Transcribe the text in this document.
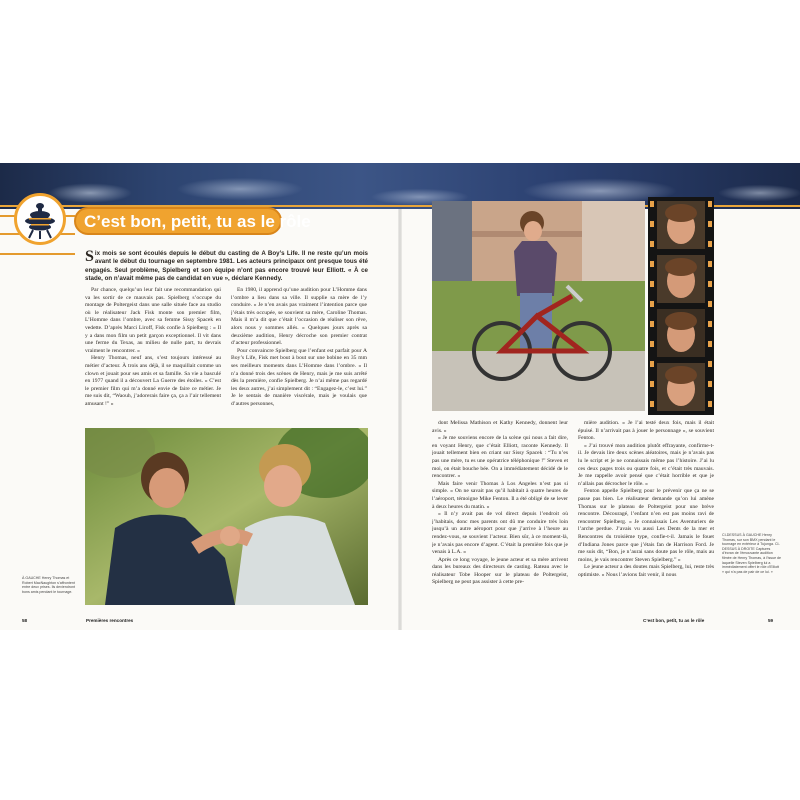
C’est bon, petit, tu as le rôle
Six mois se sont écoulés depuis le début du casting de A Boy’s Life. Il ne reste qu’un mois avant le début du tournage en septembre 1981. Les acteurs principaux ont presque tous été engagés. Seul problème, Spielberg et son équipe n’ont pas encore trouvé leur Elliott. « À ce stade, on n’avait même pas de candidat en vue », déclare Kennedy.

Par chance, quelqu’un leur fait une recommandation qui va les sortir de ce mauvais pas. Spielberg s’occupe du montage de Poltergeist dans une salle située face au studio où le réalisateur Jack Fisk monte son premier film, L’Homme dans l’ombre, avec sa femme Sissy Spacek en vedette. D’après Marci Liroff, Fisk confie à Spielberg : « Il y a dans mon film un petit garçon exceptionnel. Il vit dans une ferme du Texas, au milieu de nulle part, tu devrais vraiment le rencontrer. »

Henry Thomas, neuf ans, s’est toujours intéressé au métier d’acteur. À trois ans déjà, il se maquillait comme un clown et jouait pour ses amis et sa famille. Sa vie a basculé en 1977 quand il a découvert La Guerre des étoiles. « C’est le premier film qui m’a donné envie de faire ce métier. Je me suis dit, “Waouh, j’adorerais faire ça, ça a l’air tellement amusant !” »

En 1980, il apprend qu’une audition pour L’Homme dans l’ombre a lieu dans sa ville. Il supplie sa mère de l’y conduire. « Je n’en avais pas vraiment l’intention parce que j’étais très occupée, se souvient sa mère, Caroline Thomas. Mais il m’a dit que c’était l’occasion de réaliser son rêve, alors nous y sommes allés. » Quelques jours après sa deuxième audition, Henry décroche son premier contrat d’acteur professionnel.

Pour convaincre Spielberg que l’enfant est parfait pour A Boy’s Life, Fisk met bout à bout sur une bobine en 35 mm ses meilleurs moments dans L’Homme dans l’ombre. « Il n’a donné trois des scènes de Henry, mais je me suis arrêté dès la première, confie Spielberg. Je n’ai même pas regardé les deux autres, j’ai simplement dit : “Engagez-le, c’est lui.” Je le sentais de manière viscérale, mais je voulais que d’autres personnes,

À GAUCHE Henry Thomas et Robert MacNaughton s’affrontent entre deux prises. Ils deviendront bons amis pendant le tournage.

dont Melissa Mathison et Kathy Kennedy, donnent leur avis. »

« Je me souviens encore de la scène qui nous a fait dire, en voyant Henry, que c’était Elliott, raconte Kennedy. Il jouait tellement bien en criant sur Sissy Spacek : “Tu n’es pas une mère, tu es une opératrice téléphonique !” Steven et moi, on était bouche bée. On a immédiatement décidé de le rencontrer. »

Mais faire venir Thomas à Los Angeles n’est pas si simple. « On ne savait pas qu’il habitait à quatre heures de l’aéroport, témoigne Mike Fenton. Il a été obligé de se lever à deux heures du matin. »

« Il n’y avait pas de vol direct depuis l’endroit où j’habitais, donc mes parents ont dû me conduire très loin jusqu’à un autre aéroport pour que j’arrive à l’heure au rendez-vous, se souvient l’acteur. Bien sûr, à ce moment-là, je n’avais pas encore d’agent. C’était la première fois que je venais à L.A. »

Après ce long voyage, le jeune acteur et sa mère arrivent dans les bureaux des directeurs de casting. Rateau avec le réalisateur Tobe Hooper sur le plateau de Poltergeist, Spielberg ne peut pas assister à cette pre-

mière audition. « Je l’ai testé deux fois, mais il était épuisé. Il n’arrivait pas à jouer le personnage », se souvient Fenton.

« J’ai trouvé mon audition plutôt effrayante, confirme-t-il. Je devais lire deux scènes aléatoires, mais je n’avais pas lu le script et je ne connaissais même pas l’histoire. J’ai lu ces deux pages trois ou quatre fois, et c’était très mauvais. Je me rappelle avoir pensé que c’était horrible et que je n’allais pas décrocher le rôle. »

Fenton appelle Spielberg pour le prévenir que ça ne se passe pas bien. Le réalisateur demande qu’on lui amène Thomas sur le plateau de Poltergeist pour une brève rencontre. Découragé, l’enfant n’en est pas moins ravi de rencontrer Spielberg. « Je connaissais Les Aventuriers de l’arche perdue. J’avais vu aussi Les Dents de la mer et Rencontres du troisième type, confie-t-il. Jamais le fouet d’Indiana Jones parce que j’étais fan de Harrison Ford. Je me suis dit, “Bon, je n’aurai sans doute pas le rôle, mais au moins, je vais rencontrer Steven Spielberg.” »

Le jeune acteur a des doutes mais Spielberg, lui, reste très optimiste. « Nous l’avions fait venir, il nous

CI-DESSUS À GAUCHE Henry Thomas, sur son BMX pendant le tournage en extérieur à Tujunga. CI-DESSUS À DROITE Captures d’écran de l’émouvante audition filmée de Henry Thomas, à l’issue de laquelle Steven Spielberg lui a immédiatement offert le rôle d’Elliott « qui n’a pas de pair de ce lui. »
58	Premières rencontres	C’est bon, petit, tu as le rôle	59
